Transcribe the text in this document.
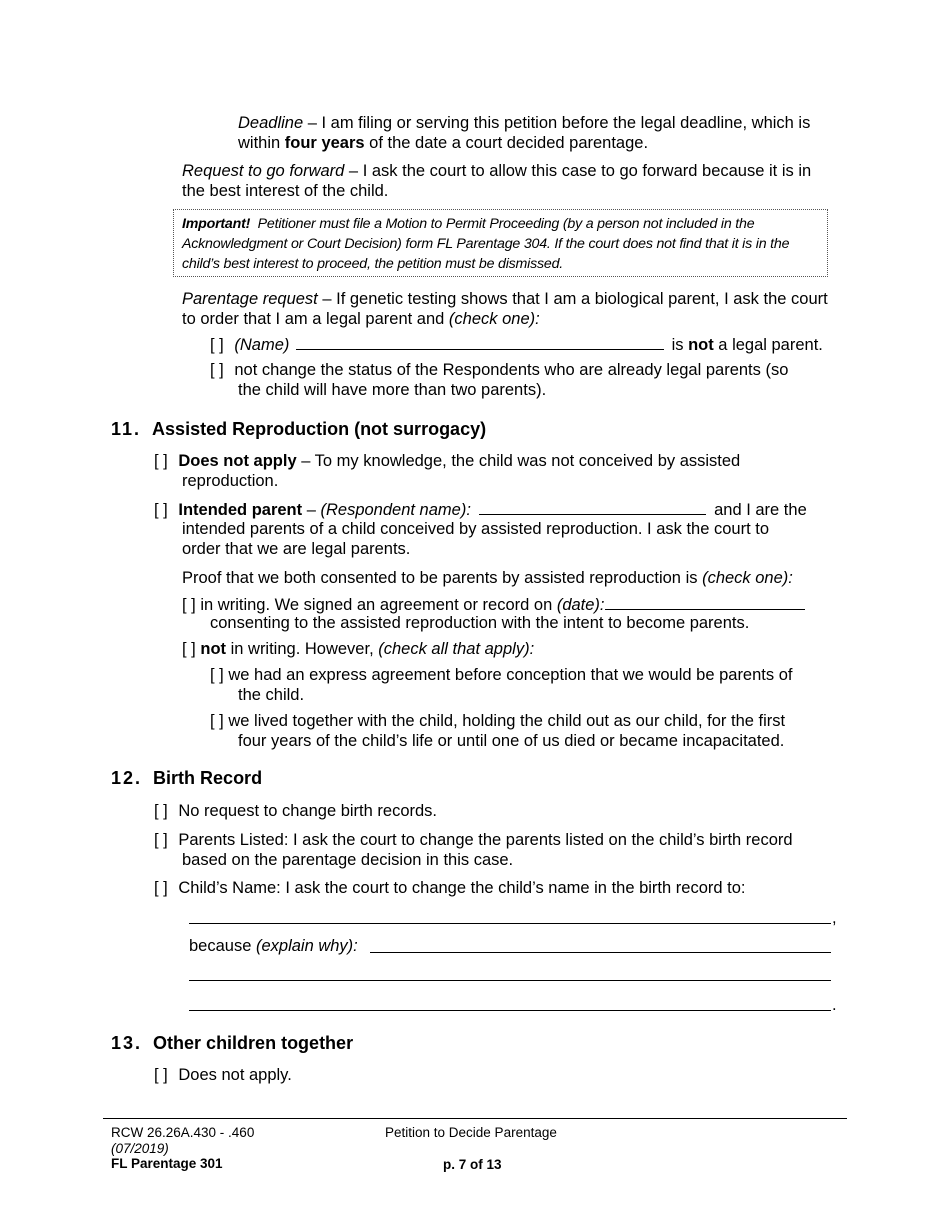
Deadline – I am filing or serving this petition before the legal deadline, which is
within four years of the date a court decided parentage.
Request to go forward – I ask the court to allow this case to go forward because it is in
the best interest of the child.
Important! Petitioner must file a Motion to Permit Proceeding (by a person not included in the
Acknowledgment or Court Decision) form FL Parentage 304. If the court does not find that it is in the
child’s best interest to proceed, the petition must be dismissed.
Parentage request – If genetic testing shows that I am a biological parent, I ask the court
to order that I am a legal parent and (check one):
[ ] (Name)	is not a legal parent.
[ ] not change the status of the Respondents who are already legal parents (so
the child will have more than two parents).
11. Assisted Reproduction (not surrogacy)
[ ] Does not apply – To my knowledge, the child was not conceived by assisted
reproduction.
[ ] Intended parent – (Respondent name):	and I are the
intended parents of a child conceived by assisted reproduction. I ask the court to
order that we are legal parents.
Proof that we both consented to be parents by assisted reproduction is (check one):
[ ] in writing. We signed an agreement or record on (date):
consenting to the assisted reproduction with the intent to become parents.
[ ] not in writing. However, (check all that apply):
[ ] we had an express agreement before conception that we would be parents of
the child.
[ ] we lived together with the child, holding the child out as our child, for the first
four years of the child’s life or until one of us died or became incapacitated.
12. Birth Record
[ ] No request to change birth records.
[ ] Parents Listed: I ask the court to change the parents listed on the child’s birth record
based on the parentage decision in this case.
[ ] Child’s Name: I ask the court to change the child’s name in the birth record to:
,
because (explain why):
.
13. Other children together
[ ] Does not apply.
RCW 26.26A.430 - .460
(07/2019)
FL Parentage 301
Petition to Decide Parentage
p. 7 of 13
